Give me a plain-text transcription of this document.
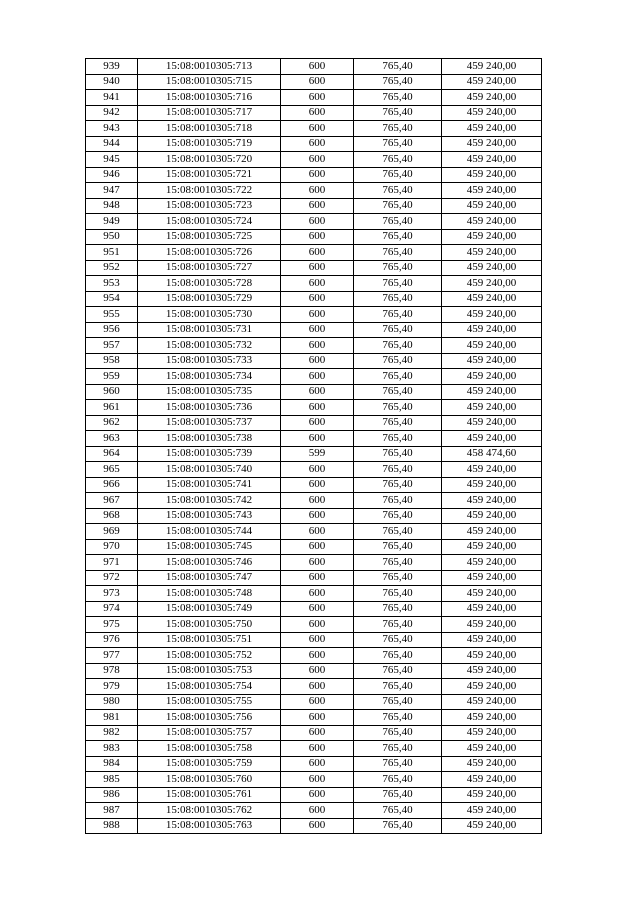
939	15:08:0010305:713	600	765,40	459 240,00
940	15:08:0010305:715	600	765,40	459 240,00
941	15:08:0010305:716	600	765,40	459 240,00
942	15:08:0010305:717	600	765,40	459 240,00
943	15:08:0010305:718	600	765,40	459 240,00
944	15:08:0010305:719	600	765,40	459 240,00
945	15:08:0010305:720	600	765,40	459 240,00
946	15:08:0010305:721	600	765,40	459 240,00
947	15:08:0010305:722	600	765,40	459 240,00
948	15:08:0010305:723	600	765,40	459 240,00
949	15:08:0010305:724	600	765,40	459 240,00
950	15:08:0010305:725	600	765,40	459 240,00
951	15:08:0010305:726	600	765,40	459 240,00
952	15:08:0010305:727	600	765,40	459 240,00
953	15:08:0010305:728	600	765,40	459 240,00
954	15:08:0010305:729	600	765,40	459 240,00
955	15:08:0010305:730	600	765,40	459 240,00
956	15:08:0010305:731	600	765,40	459 240,00
957	15:08:0010305:732	600	765,40	459 240,00
958	15:08:0010305:733	600	765,40	459 240,00
959	15:08:0010305:734	600	765,40	459 240,00
960	15:08:0010305:735	600	765,40	459 240,00
961	15:08:0010305:736	600	765,40	459 240,00
962	15:08:0010305:737	600	765,40	459 240,00
963	15:08:0010305:738	600	765,40	459 240,00
964	15:08:0010305:739	599	765,40	458 474,60
965	15:08:0010305:740	600	765,40	459 240,00
966	15:08:0010305:741	600	765,40	459 240,00
967	15:08:0010305:742	600	765,40	459 240,00
968	15:08:0010305:743	600	765,40	459 240,00
969	15:08:0010305:744	600	765,40	459 240,00
970	15:08:0010305:745	600	765,40	459 240,00
971	15:08:0010305:746	600	765,40	459 240,00
972	15:08:0010305:747	600	765,40	459 240,00
973	15:08:0010305:748	600	765,40	459 240,00
974	15:08:0010305:749	600	765,40	459 240,00
975	15:08:0010305:750	600	765,40	459 240,00
976	15:08:0010305:751	600	765,40	459 240,00
977	15:08:0010305:752	600	765,40	459 240,00
978	15:08:0010305:753	600	765,40	459 240,00
979	15:08:0010305:754	600	765,40	459 240,00
980	15:08:0010305:755	600	765,40	459 240,00
981	15:08:0010305:756	600	765,40	459 240,00
982	15:08:0010305:757	600	765,40	459 240,00
983	15:08:0010305:758	600	765,40	459 240,00
984	15:08:0010305:759	600	765,40	459 240,00
985	15:08:0010305:760	600	765,40	459 240,00
986	15:08:0010305:761	600	765,40	459 240,00
987	15:08:0010305:762	600	765,40	459 240,00
988	15:08:0010305:763	600	765,40	459 240,00
